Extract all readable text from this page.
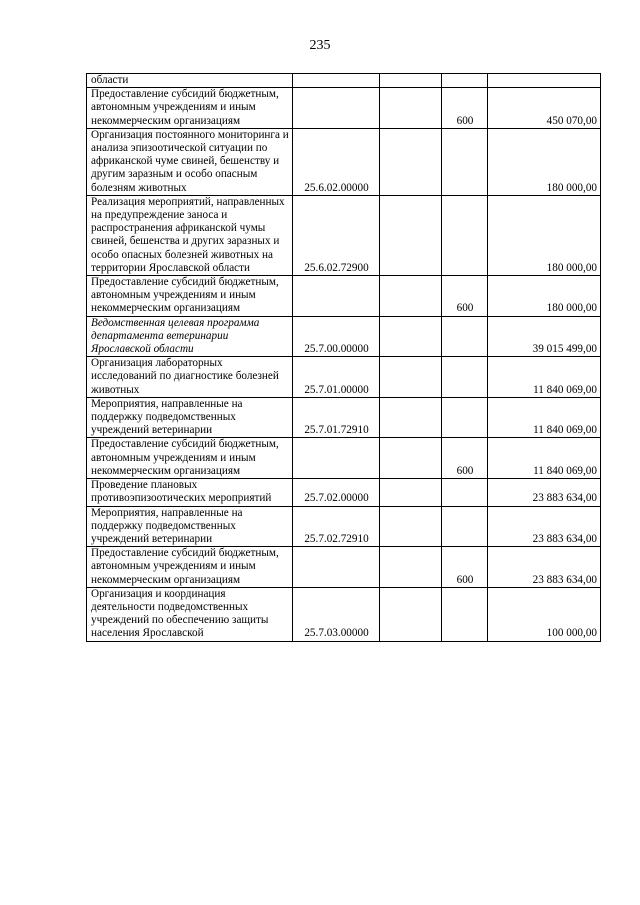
235
области				

Предоставление субсидий бюджетным, автономным учреждениям и иным некоммерческим организациям			600	450 070,00

Организация постоянного мониторинга и анализа эпизоотической ситуации по африканской чуме свиней, бешенству и другим заразным и особо опасным болезням животных	25.6.02.00000			180 000,00

Реализация мероприятий, направленных на предупреждение заноса и распространения африканской чумы свиней, бешенства и других заразных и особо опасных болезней животных на территории Ярославской области	25.6.02.72900			180 000,00

Предоставление субсидий бюджетным, автономным учреждениям и иным некоммерческим организациям			600	180 000,00

Ведомственная целевая программа департамента ветеринарии Ярославской области	25.7.00.00000			39 015 499,00

Организация лабораторных исследований по диагностике болезней животных	25.7.01.00000			11 840 069,00

Мероприятия, направленные на поддержку подведомственных учреждений ветеринарии	25.7.01.72910			11 840 069,00

Предоставление субсидий бюджетным, автономным учреждениям и иным некоммерческим организациям			600	11 840 069,00

Проведение плановых противоэпизоотических мероприятий	25.7.02.00000			23 883 634,00

Мероприятия, направленные на поддержку подведомственных учреждений ветеринарии	25.7.02.72910			23 883 634,00

Предоставление субсидий бюджетным, автономным учреждениям и иным некоммерческим организациям			600	23 883 634,00

Организация и координация деятельности подведомственных учреждений по обеспечению защиты населения Ярославской	25.7.03.00000			100 000,00
